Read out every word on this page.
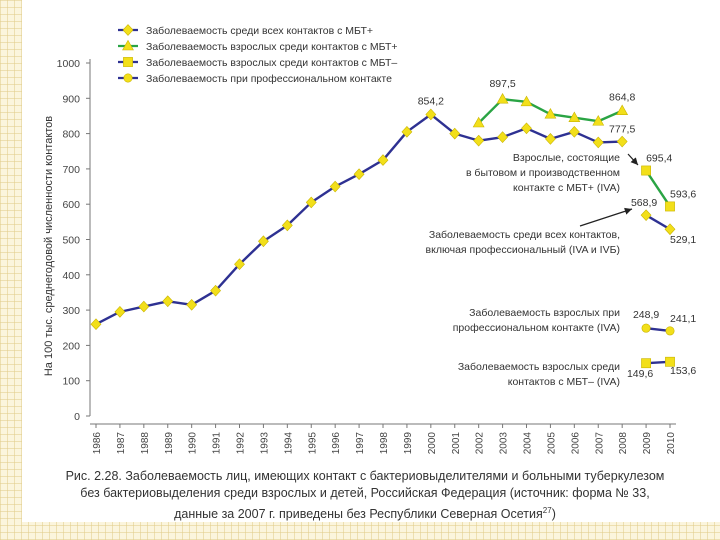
0
100
200
300
400
500
600
700
800
900
1000
1986 1987 1988 1989 1990 1991 1992 1993 1994 1995 1996 1997 1998 1999 2000 2001 2002 2003 2004 2005 2006 2007 2008 2009 2010
На 100 тыс. среднегодовой численности контактов
854,2
897,5
864,8
777,5
695,4
593,6
568,9
529,1
248,9 241,1
153,6
149,6
Взрослые, состоящие
в бытовом и производственном
контакте с МБТ+ (IVA)
Заболеваемость среди всех контактов,
включая профессиональный (IVA и IVБ)
Заболеваемость взрослых при
профессиональном контакте (IVA)
Заболеваемость взрослых среди
контактов с МБТ– (IVA)
Заболеваемость среди всех контактов с МБТ+
Заболеваемость взрослых среди контактов с МБТ+
Заболеваемость взрослых среди контактов с МБТ–
Заболеваемость при профессиональном контакте
Рис. 2.28. Заболеваемость лиц, имеющих контакт с бактериовыделителями и больными туберкулезом
без бактериовыделения среди взрослых и детей, Российская Федерация (источник: форма № 33,
данные за 2007 г. приведены без Республики Северная Осетия$^{27}$)
